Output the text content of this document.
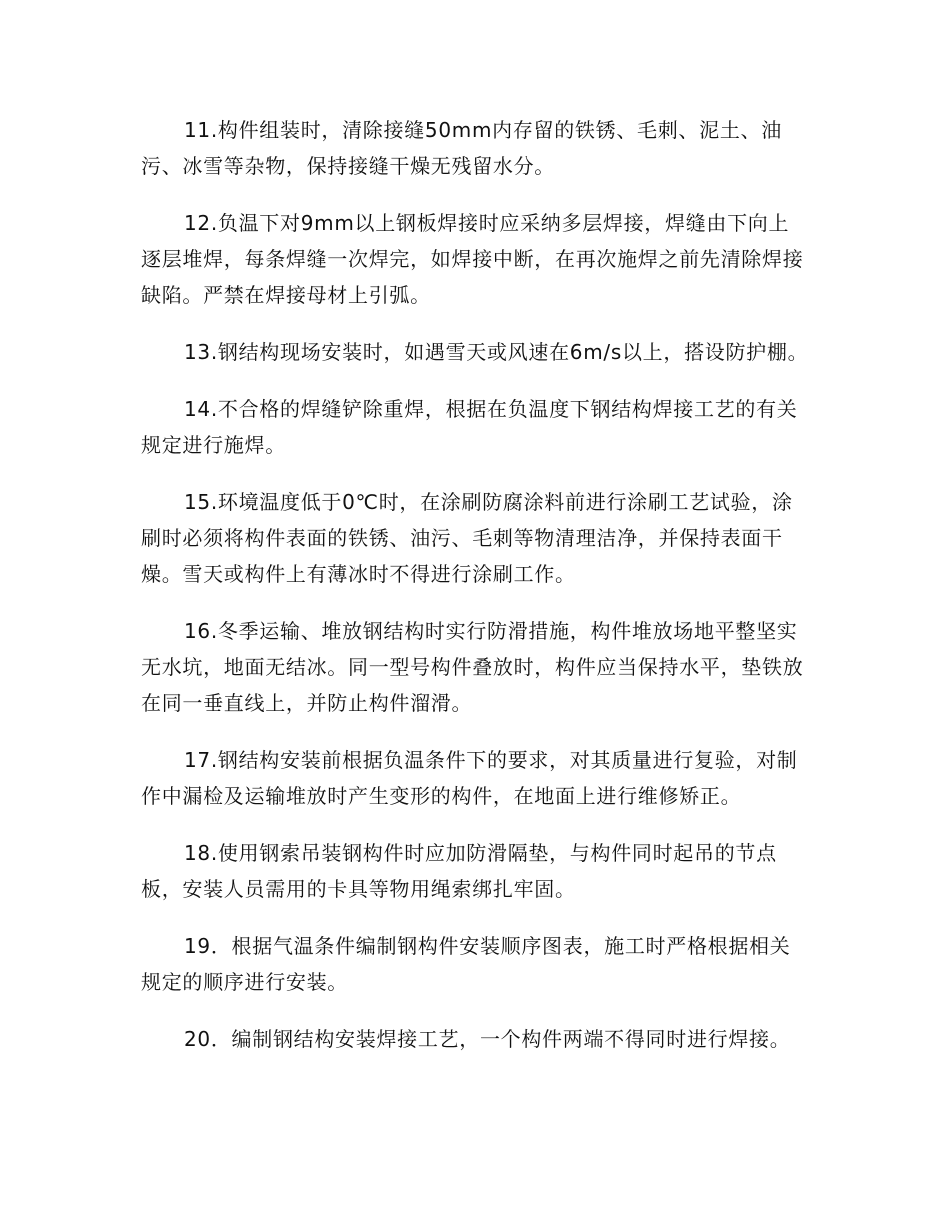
11.构件组装时，清除接缝50mm内存留的铁锈、毛刺、泥土、油污、冰雪等杂物，保持接缝干燥无残留水分。

12.负温下对9mm以上钢板焊接时应采纳多层焊接，焊缝由下向上逐层堆焊，每条焊缝一次焊完，如焊接中断，在再次施焊之前先清除焊接缺陷。严禁在焊接母材上引弧。

13.钢结构现场安装时，如遇雪天或风速在6m/s以上，搭设防护棚。

14.不合格的焊缝铲除重焊，根据在负温度下钢结构焊接工艺的有关规定进行施焊。

15.环境温度低于0℃时，在涂刷防腐涂料前进行涂刷工艺试验，涂刷时必须将构件表面的铁锈、油污、毛刺等物清理洁净，并保持表面干燥。雪天或构件上有薄冰时不得进行涂刷工作。

16.冬季运输、堆放钢结构时实行防滑措施，构件堆放场地平整坚实无水坑，地面无结冰。同一型号构件叠放时，构件应当保持水平，垫铁放在同一垂直线上，并防止构件溜滑。

17.钢结构安装前根据负温条件下的要求，对其质量进行复验，对制作中漏检及运输堆放时产生变形的构件，在地面上进行维修矫正。

18.使用钢索吊装钢构件时应加防滑隔垫，与构件同时起吊的节点板，安装人员需用的卡具等物用绳索绑扎牢固。

19．根据气温条件编制钢构件安装顺序图表，施工时严格根据相关规定的顺序进行安装。

20．编制钢结构安装焊接工艺，一个构件两端不得同时进行焊接。
